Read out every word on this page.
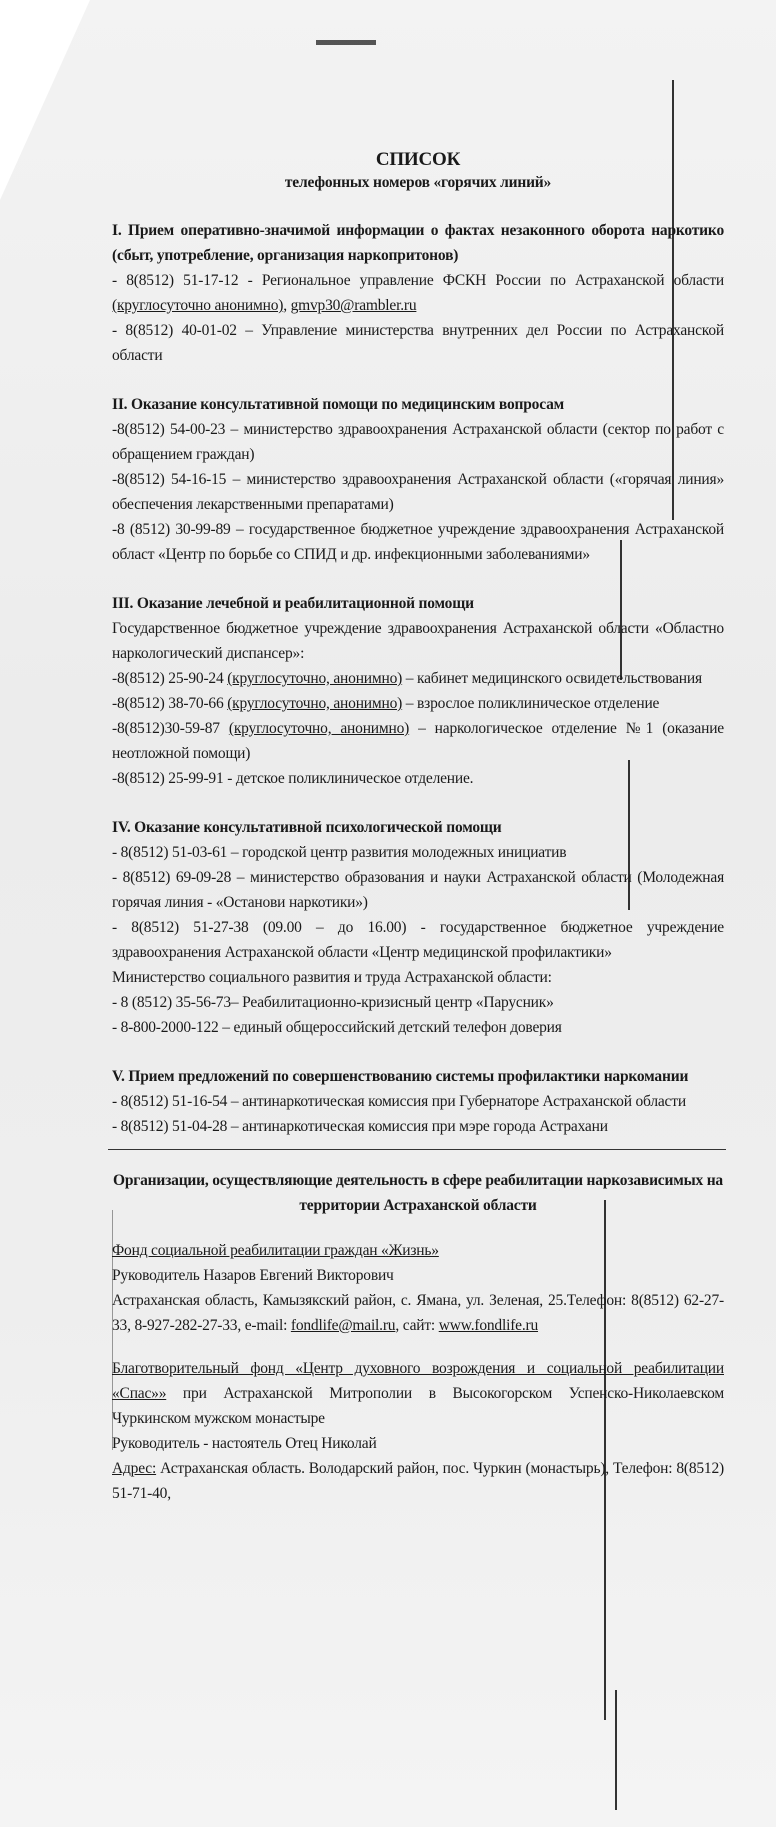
СПИСОК
телефонных номеров «горячих линий»
I. Прием оперативно-значимой информации о фактах незаконного оборота наркотико (сбыт, употребление, организация наркопритонов)

- 8(8512) 51-17-12 - Региональное управление ФСКН России по Астраханской области (круглосуточно анонимно), gmvp30@rambler.ru

- 8(8512) 40-01-02 – Управление министерства внутренних дел России по Астраханской области

II. Оказание консультативной помощи по медицинским вопросам

-8(8512) 54-00-23 – министерство здравоохранения Астраханской области (сектор по работ с обращением граждан)

-8(8512) 54-16-15 – министерство здравоохранения Астраханской области («горячая линия» обеспечения лекарственными препаратами)

-8 (8512) 30-99-89 – государственное бюджетное учреждение здравоохранения Астраханской област «Центр по борьбе со СПИД и др. инфекционными заболеваниями»

III. Оказание лечебной и реабилитационной помощи

Государственное бюджетное учреждение здравоохранения Астраханской области «Областно наркологический диспансер»:

-8(8512) 25-90-24 (круглосуточно, анонимно) – кабинет медицинского освидетельствования

-8(8512) 38-70-66 (круглосуточно, анонимно) – взрослое поликлиническое отделение

-8(8512)30-59-87 (круглосуточно, анонимно) – наркологическое отделение №1 (оказание неотложной помощи)

-8(8512) 25-99-91 - детское поликлиническое отделение.

IV. Оказание консультативной психологической помощи

- 8(8512) 51-03-61 – городской центр развития молодежных инициатив

- 8(8512) 69-09-28 – министерство образования и науки Астраханской области (Молодежная горячая линия - «Останови наркотики»)

- 8(8512) 51-27-38 (09.00 – до 16.00) - государственное бюджетное учреждение здравоохранения Астраханской области «Центр медицинской профилактики»

Министерство социального развития и труда Астраханской области:

- 8 (8512) 35-56-73– Реабилитационно-кризисный центр «Парусник»

- 8-800-2000-122 – единый общероссийский детский телефон доверия

V. Прием предложений по совершенствованию системы профилактики наркомании

- 8(8512) 51-16-54 – антинаркотическая комиссия при Губернаторе Астраханской области

- 8(8512) 51-04-28 – антинаркотическая комиссия при мэре города Астрахани

Организации, осуществляющие деятельность в сфере реабилитации наркозависимых на территории Астраханской области

Фонд социальной реабилитации граждан «Жизнь»

Руководитель Назаров Евгений Викторович

Астраханская область, Камызякский район, с. Ямана, ул. Зеленая, 25.Телефон: 8(8512) 62-27-33, 8-927-282-27-33, e-mail: fondlife@mail.ru, сайт: www.fondlife.ru

Благотворительный фонд «Центр духовного возрождения и социальной реабилитации «Спас»» при Астраханской Митрополии в Высокогорском Успенско-Николаевском Чуркинском мужском монастыре

Руководитель - настоятель Отец Николай

Адрес: Астраханская область. Володарский район, пос. Чуркин (монастырь), Телефон: 8(8512) 51-71-40,
